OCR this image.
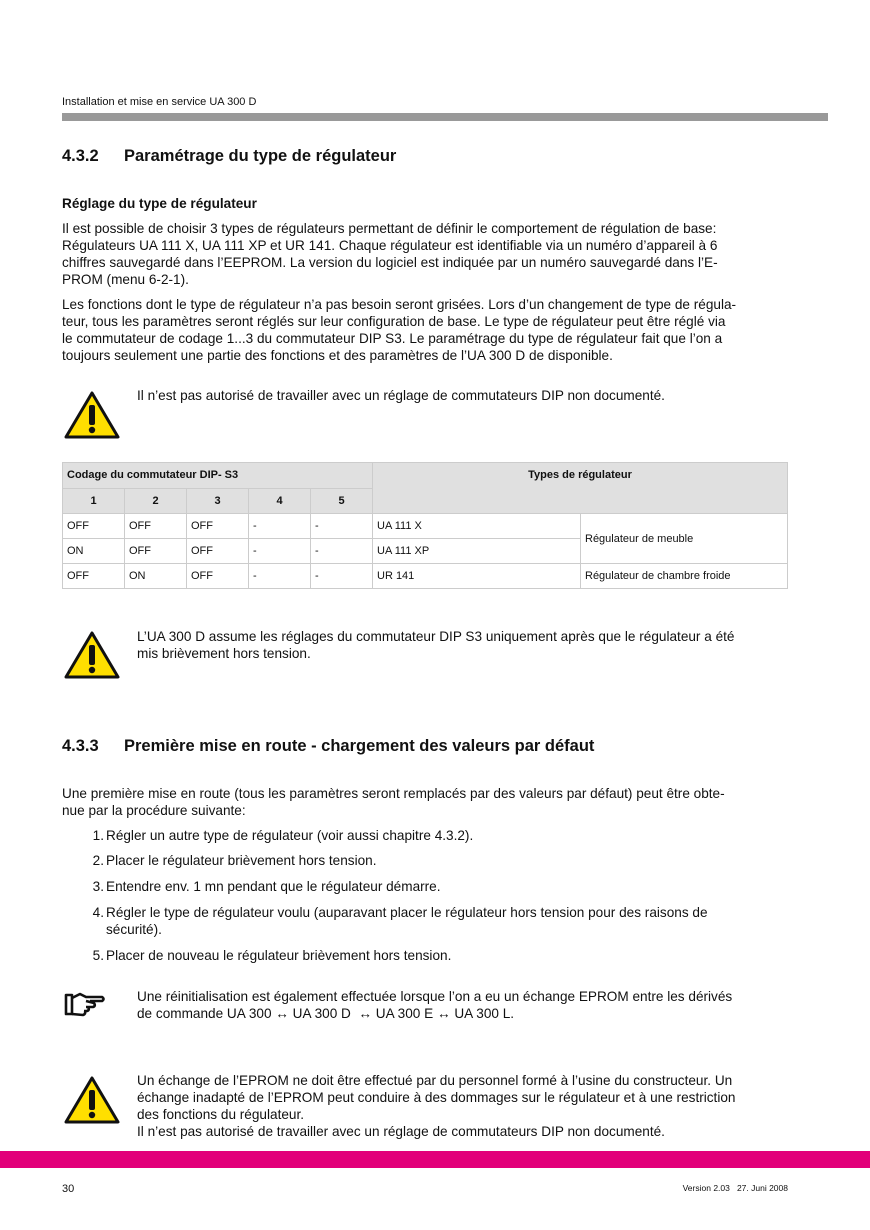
Installation et mise en service UA 300 D
4.3.2 Paramétrage du type de régulateur
Réglage du type de régulateur
Il est possible de choisir 3 types de régulateurs permettant de définir le comportement de régulation de base:
Régulateurs UA 111 X, UA 111 XP et UR 141. Chaque régulateur est identifiable via un numéro d’appareil à 6
chiffres sauvegardé dans l’EEPROM. La version du logiciel est indiquée par un numéro sauvegardé dans l’E-
PROM (menu 6-2-1).
Les fonctions dont le type de régulateur n’a pas besoin seront grisées. Lors d’un changement de type de régula-
teur, tous les paramètres seront réglés sur leur configuration de base. Le type de régulateur peut être réglé via
le commutateur de codage 1...3 du commutateur DIP S3. Le paramétrage du type de régulateur fait que l’on a
toujours seulement une partie des fonctions et des paramètres de l’UA 300 D de disponible.
Il n’est pas autorisé de travailler avec un réglage de commutateurs DIP non documenté.
Codage du commutateur DIP- S3					Types de régulateur	
1	2	3	4	5		
OFF	OFF	OFF	-	-	UA 111 X	Régulateur de meuble
ON	OFF	OFF	-	-	UA 111 XP	
OFF	ON	OFF	-	-	UR 141	Régulateur de chambre froide
L’UA 300 D assume les réglages du commutateur DIP S3 uniquement après que le régulateur a été
mis brièvement hors tension.
4.3.3 Première mise en route - chargement des valeurs par défaut
Une première mise en route (tous les paramètres seront remplacés par des valeurs par défaut) peut être obte-
nue par la procédure suivante:
1. Régler un autre type de régulateur (voir aussi chapitre 4.3.2).
2. Placer le régulateur brièvement hors tension.
3. Entendre env. 1 mn pendant que le régulateur démarre.
4. Régler le type de régulateur voulu (auparavant placer le régulateur hors tension pour des raisons de sécurité).
5. Placer de nouveau le régulateur brièvement hors tension.
Une réinitialisation est également effectuée lorsque l’on a eu un échange EPROM entre les dérivés
de commande UA 300 ↔ UA 300 D  ↔ UA 300 E ↔ UA 300 L.
Un échange de l’EPROM ne doit être effectué par du personnel formé à l’usine du constructeur. Un
échange inadapté de l’EPROM peut conduire à des dommages sur le régulateur et à une restriction
des fonctions du régulateur.
Il n’est pas autorisé de travailler avec un réglage de commutateurs DIP non documenté.
30	Version 2.03   27. Juni 2008
